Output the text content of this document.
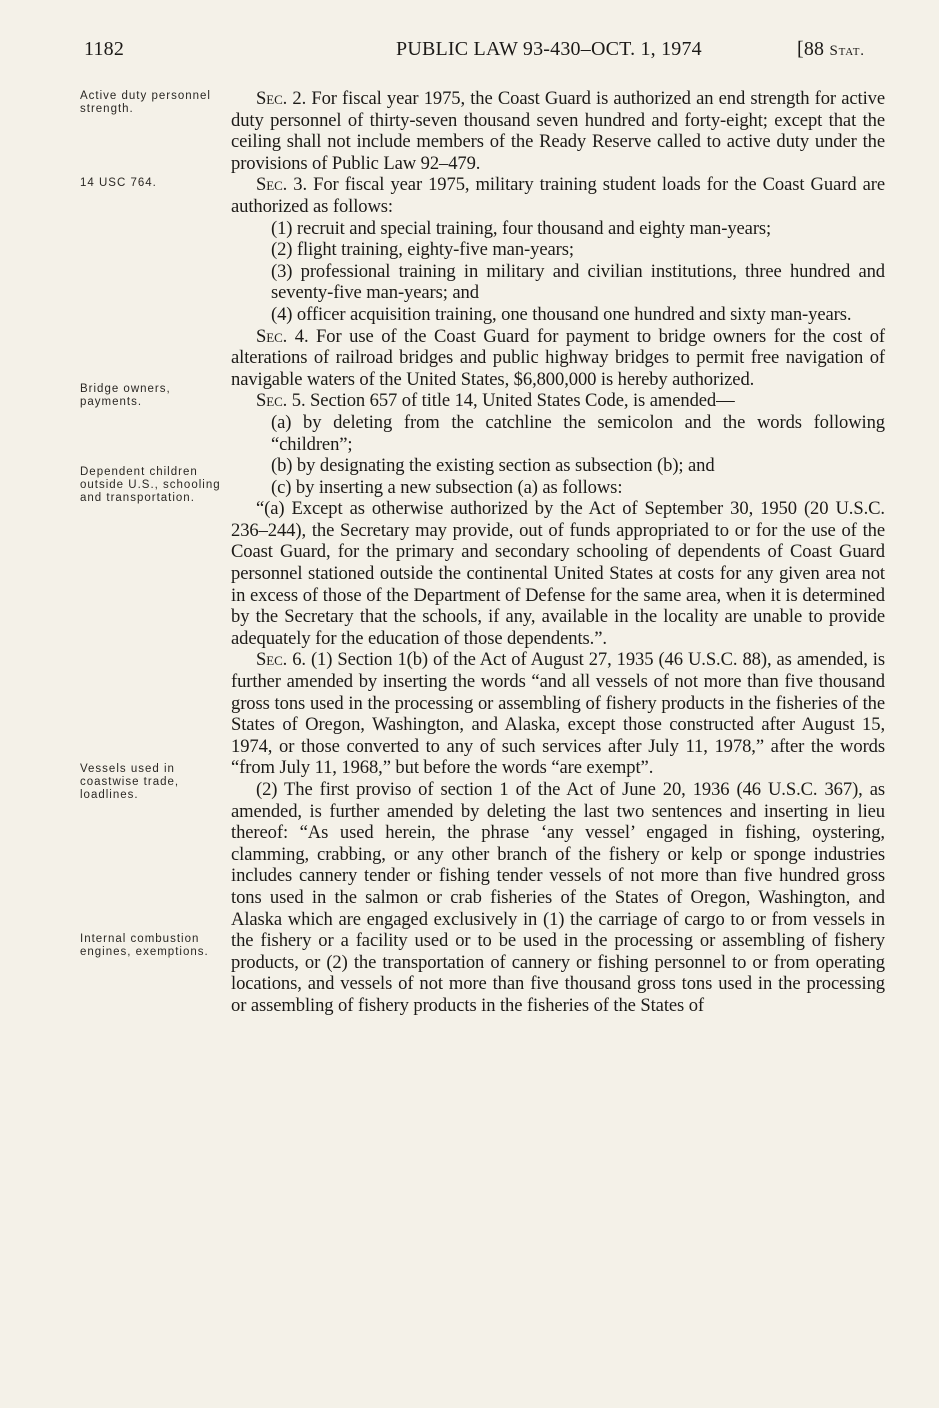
1182	PUBLIC LAW 93-430–OCT. 1, 1974	[88 Stat.
Active duty personnel strength.
14 USC 764.
Bridge owners, payments.
Dependent children outside U.S., schooling and transportation.
Vessels used in coastwise trade, loadlines.
Internal combustion engines, exemptions.

Sec. 2. For fiscal year 1975, the Coast Guard is authorized an end strength for active duty personnel of thirty-seven thousand seven hundred and forty-eight; except that the ceiling shall not include members of the Ready Reserve called to active duty under the provisions of Public Law 92–479.

Sec. 3. For fiscal year 1975, military training student loads for the Coast Guard are authorized as follows:

(1) recruit and special training, four thousand and eighty man-years;

(2) flight training, eighty-five man-years;

(3) professional training in military and civilian institutions, three hundred and seventy-five man-years; and

(4) officer acquisition training, one thousand one hundred and sixty man-years.

Sec. 4. For use of the Coast Guard for payment to bridge owners for the cost of alterations of railroad bridges and public highway bridges to permit free navigation of navigable waters of the United States, $6,800,000 is hereby authorized.

Sec. 5. Section 657 of title 14, United States Code, is amended—

(a) by deleting from the catchline the semicolon and the words following “children”;

(b) by designating the existing section as subsection (b); and

(c) by inserting a new subsection (a) as follows:

“(a) Except as otherwise authorized by the Act of September 30, 1950 (20 U.S.C. 236–244), the Secretary may provide, out of funds appropriated to or for the use of the Coast Guard, for the primary and secondary schooling of dependents of Coast Guard personnel stationed outside the continental United States at costs for any given area not in excess of those of the Department of Defense for the same area, when it is determined by the Secretary that the schools, if any, available in the locality are unable to provide adequately for the education of those dependents.”.

Sec. 6. (1) Section 1(b) of the Act of August 27, 1935 (46 U.S.C. 88), as amended, is further amended by inserting the words “and all vessels of not more than five thousand gross tons used in the processing or assembling of fishery products in the fisheries of the States of Oregon, Washington, and Alaska, except those constructed after August 15, 1974, or those converted to any of such services after July 11, 1978,” after the words “from July 11, 1968,” but before the words “are exempt”.

(2) The first proviso of section 1 of the Act of June 20, 1936 (46 U.S.C. 367), as amended, is further amended by deleting the last two sentences and inserting in lieu thereof: “As used herein, the phrase ‘any vessel’ engaged in fishing, oystering, clamming, crabbing, or any other branch of the fishery or kelp or sponge industries includes cannery tender or fishing tender vessels of not more than five hundred gross tons used in the salmon or crab fisheries of the States of Oregon, Washington, and Alaska which are engaged exclusively in (1) the carriage of cargo to or from vessels in the fishery or a facility used or to be used in the processing or assembling of fishery products, or (2) the transportation of cannery or fishing personnel to or from operating locations, and vessels of not more than five thousand gross tons used in the processing or assembling of fishery products in the fisheries of the States of
